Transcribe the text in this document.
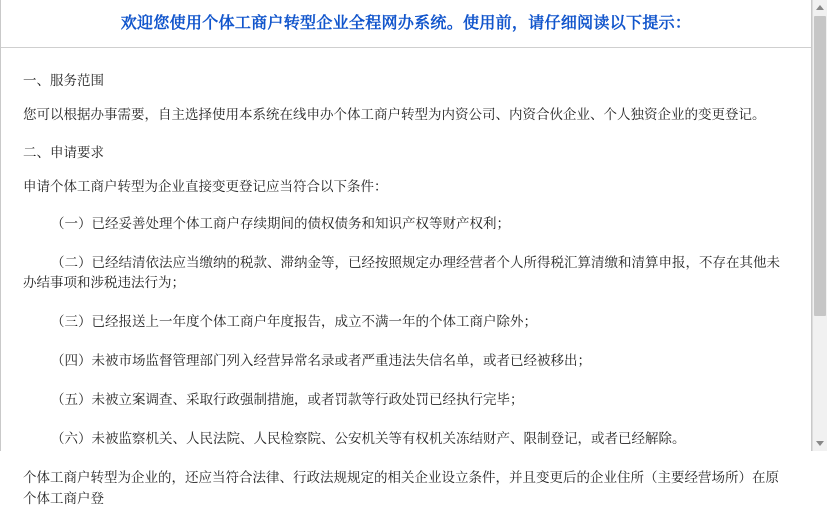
欢迎您使用个体工商户转型企业全程网办系统。使用前，请仔细阅读以下提示：
一、服务范围
您可以根据办事需要，自主选择使用本系统在线申办个体工商户转型为内资公司、内资合伙企业、个人独资企业的变更登记。
二、申请要求
申请个体工商户转型为企业直接变更登记应当符合以下条件：
（一）已经妥善处理个体工商户存续期间的债权债务和知识产权等财产权利；
（二）已经结清依法应当缴纳的税款、滞纳金等，已经按照规定办理经营者个人所得税汇算清缴和清算申报，不存在其他未办结事项和涉税违法行为；
（三）已经报送上一年度个体工商户年度报告，成立不满一年的个体工商户除外；
（四）未被市场监督管理部门列入经营异常名录或者严重违法失信名单，或者已经被移出；
（五）未被立案调查、采取行政强制措施，或者罚款等行政处罚已经执行完毕；
（六）未被监察机关、人民法院、人民检察院、公安机关等有权机关冻结财产、限制登记，或者已经解除。
个体工商户转型为企业的，还应当符合法律、行政法规规定的相关企业设立条件，并且变更后的企业住所（主要经营场所）在原个体工商户登
